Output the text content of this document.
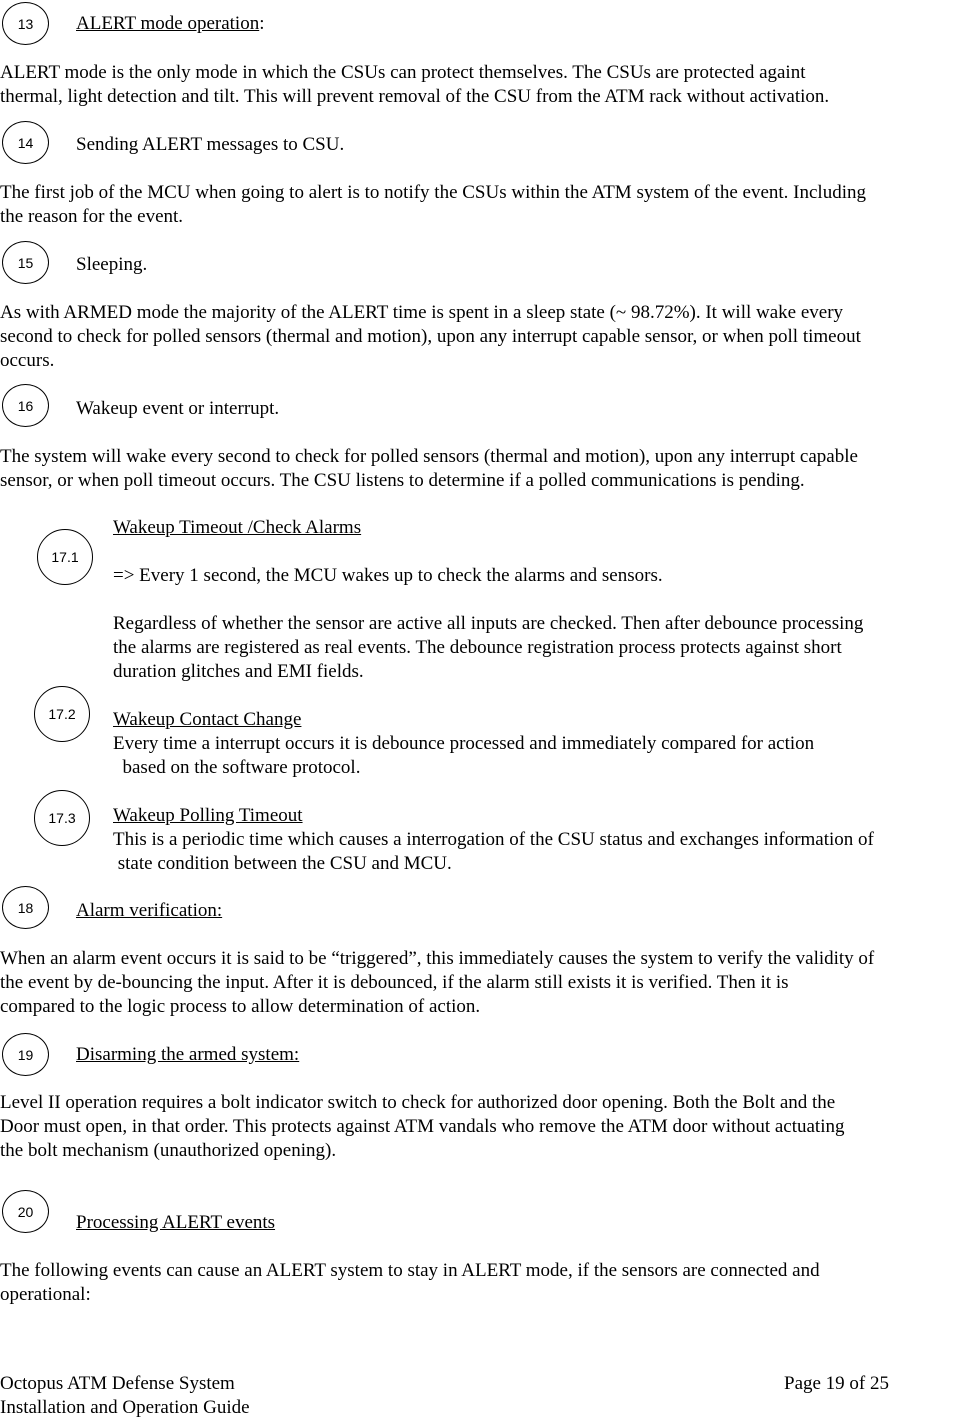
13 ALERT mode operation:
ALERT mode is the only mode in which the CSUs can protect themselves. The CSUs are protected againt
thermal, light detection and tilt. This will prevent removal of the CSU from the ATM rack without activation.
14 Sending ALERT messages to CSU.
The first job of the MCU when going to alert is to notify the CSUs within the ATM system of the event. Including
the reason for the event.
15 Sleeping.
As with ARMED mode the majority of the ALERT time is spent in a sleep state (~ 98.72%). It will wake every
second to check for polled sensors (thermal and motion), upon any interrupt capable sensor, or when poll timeout
occurs.
16 Wakeup event or interrupt.
The system will wake every second to check for polled sensors (thermal and motion), upon any interrupt capable
sensor, or when poll timeout occurs. The CSU listens to determine if a polled communications is pending.
17.1
Wakeup Timeout /Check Alarms
=> Every 1 second, the MCU wakes up to check the alarms and sensors.
Regardless of whether the sensor are active all inputs are checked. Then after debounce processing
the alarms are registered as real events. The debounce registration process protects against short
duration glitches and EMI fields.
17.2 Wakeup Contact Change
Every time a interrupt occurs it is debounce processed and immediately compared for action
based on the software protocol.
17.3 Wakeup Polling Timeout
This is a periodic time which causes a interrogation of the CSU status and exchanges information of
state condition between the CSU and MCU.
18 Alarm verification:
When an alarm event occurs it is said to be “triggered”, this immediately causes the system to verify the validity of
the event by de-bouncing the input. After it is debounced, if the alarm still exists it is verified. Then it is
compared to the logic process to allow determination of action.
19 Disarming the armed system:
Level II operation requires a bolt indicator switch to check for authorized door opening. Both the Bolt and the
Door must open, in that order. This protects against ATM vandals who remove the ATM door without actuating
the bolt mechanism (unauthorized opening).
20
Processing ALERT events
The following events can cause an ALERT system to stay in ALERT mode, if the sensors are connected and
operational:
Octopus ATM Defense System	Page 19 of 25
Installation and Operation Guide
